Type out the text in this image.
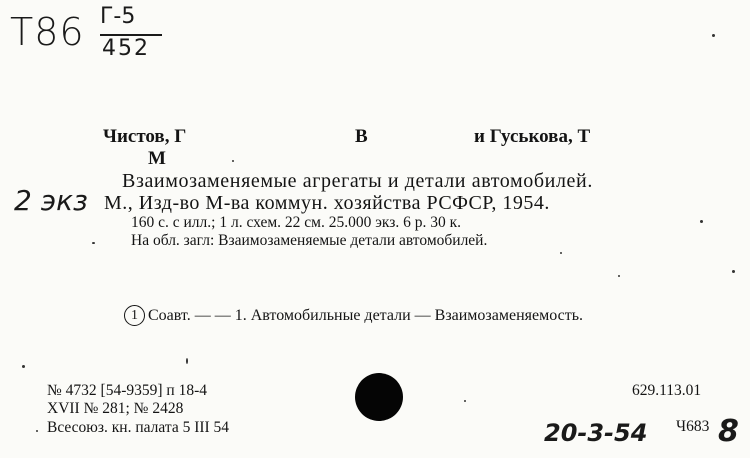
Т86 Г-5
452
Чистов, Г	В	и Гуськова, Т
М
Взаимозаменяемые агрегаты и детали автомобилей.
2 экз М., Изд-во М-ва коммун. хозяйства РСФСР, 1954.
160 с. с илл.; 1 л. схем. 22 см. 25.000 экз. 6 р. 30 к.
На обл. загл: Взаимозаменяемые детали автомобилей.
1 Соавт. — — 1. Автомобильные детали — Взаимозаменяемость.
№ 4732 [54-9359] п 18-4
XVII № 281; № 2428
Всесоюз. кн. палата 5 III 54
629.113.01
Ч683
20-3-54 8
